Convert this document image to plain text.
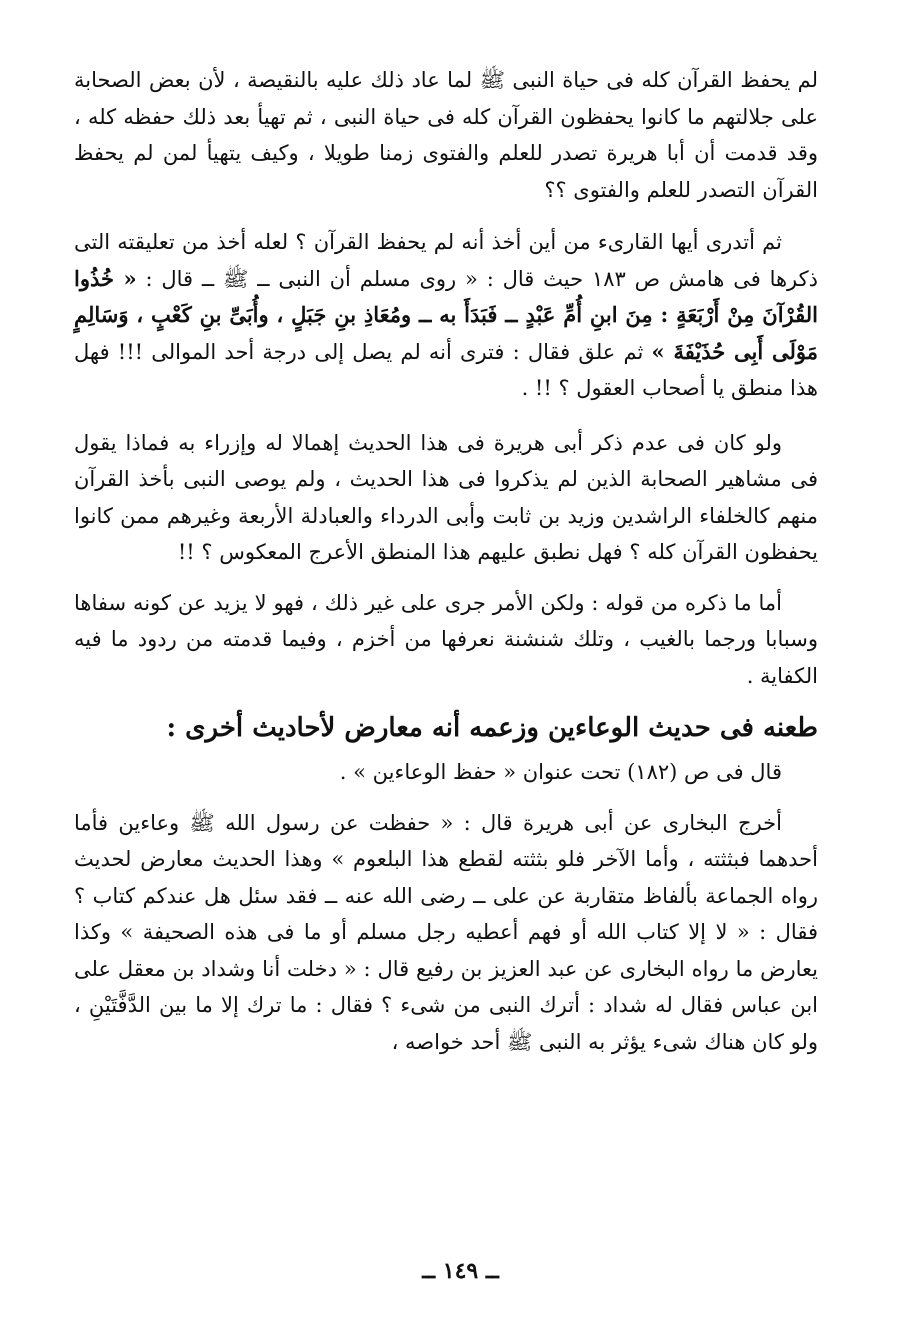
لم يحفظ القرآن كله فى حياة النبى ﷺ لما عاد ذلك عليه بالنقيصة ، لأن بعض الصحابة على جلالتهم ما كانوا يحفظون القرآن كله فى حياة النبى ، ثم تهيأ بعد ذلك حفظه كله ، وقد قدمت أن أبا هريرة تصدر للعلم والفتوى زمنا طويلا ، وكيف يتهيأ لمن لم يحفظ القرآن التصدر للعلم والفتوى ؟؟

ثم أتدرى أيها القارىء من أين أخذ أنه لم يحفظ القرآن ؟ لعله أخذ من تعليقته التى ذكرها فى هامش ص ١٨٣ حيث قال : « روى مسلم أن النبى ــ ﷺ ــ قال : « خُذُوا القُرْآنَ مِنْ أَرْبَعَةٍ : مِنَ ابنِ أُمِّ عَبْدٍ ــ فَبَدَأَ به ــ ومُعَاذِ بنِ جَبَلٍ ، وأُبَىِّ بنِ كَعْبٍ ، وَسَالِمٍ مَوْلَى أَبِى حُذَيْفَةَ » ثم علق فقال : فترى أنه لم يصل إلى درجة أحد الموالى !!! فهل هذا منطق يا أصحاب العقول ؟ !! .

ولو كان فى عدم ذكر أبى هريرة فى هذا الحديث إهمالا له وإزراء به فماذا يقول فى مشاهير الصحابة الذين لم يذكروا فى هذا الحديث ، ولم يوصى النبى بأخذ القرآن منهم كالخلفاء الراشدين وزيد بن ثابت وأبى الدرداء والعبادلة الأربعة وغيرهم ممن كانوا يحفظون القرآن كله ؟ فهل نطبق عليهم هذا المنطق الأعرج المعكوس ؟ !!

أما ما ذكره من قوله : ولكن الأمر جرى على غير ذلك ، فهو لا يزيد عن كونه سفاها وسبابا ورجما بالغيب ، وتلك شنشنة نعرفها من أخزم ، وفيما قدمته من ردود ما فيه الكفاية .

طعنه فى حديث الوعاءين وزعمه أنه معارض لأحاديث أخرى :

قال فى ص (١٨٢) تحت عنوان « حفظ الوعاءين » .

أخرج البخارى عن أبى هريرة قال : « حفظت عن رسول الله ﷺ وعاءين فأما أحدهما فبثثته ، وأما الآخر فلو بثثته لقطع هذا البلعوم » وهذا الحديث معارض لحديث رواه الجماعة بألفاظ متقاربة عن على ــ رضى الله عنه ــ فقد سئل هل عندكم كتاب ؟ فقال : « لا إلا كتاب الله أو فهم أعطيه رجل مسلم أو ما فى هذه الصحيفة » وكذا يعارض ما رواه البخارى عن عبد العزيز بن رفيع قال : « دخلت أنا وشداد بن معقل على ابن عباس فقال له شداد : أترك النبى من شىء ؟ فقال : ما ترك إلا ما بين الدَّفَّتَيْنِ ، ولو كان هناك شىء يؤثر به النبى ﷺ أحد خواصه ،

ــ ١٤٩ ــ
